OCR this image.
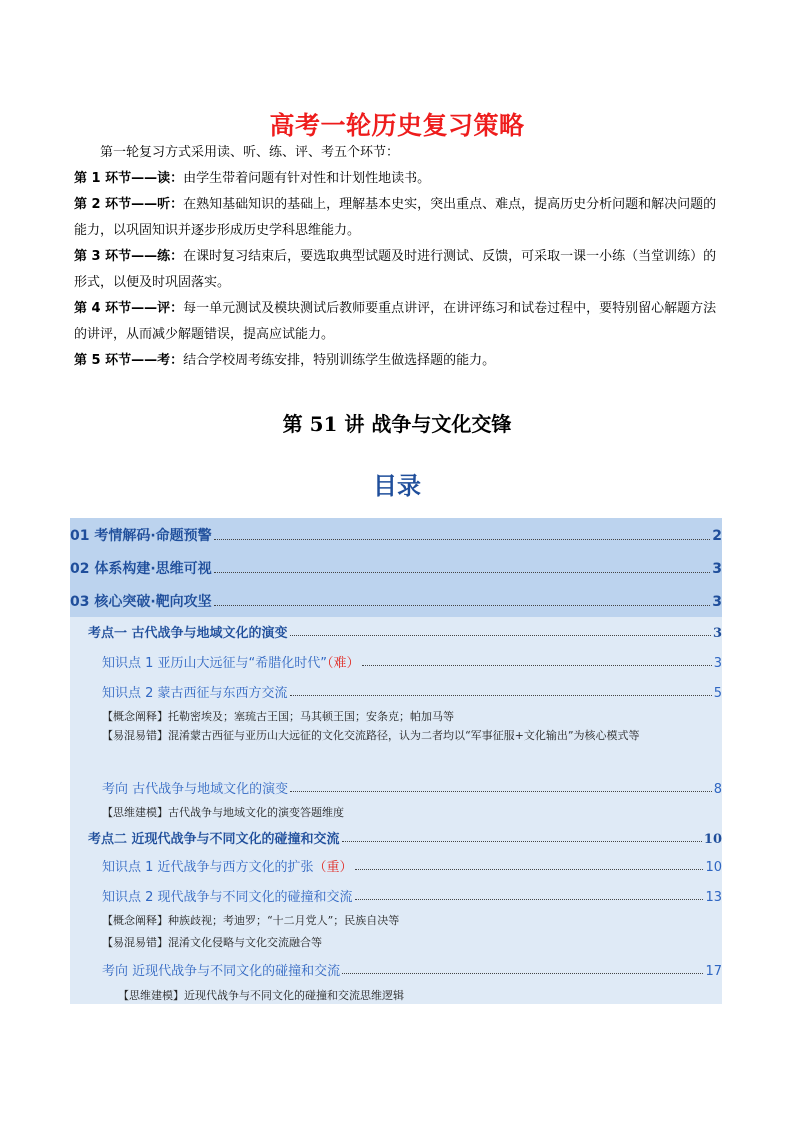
高考一轮历史复习策略

第一轮复习方式采用读、听、练、评、考五个环节：

第 1 环节——读：由学生带着问题有针对性和计划性地读书。

第 2 环节——听：在熟知基础知识的基础上，理解基本史实，突出重点、难点，提高历史分析问题和解决问题的能力，以巩固知识并逐步形成历史学科思维能力。

第 3 环节——练：在课时复习结束后，要选取典型试题及时进行测试、反馈，可采取一课一小练（当堂训练）的形式，以便及时巩固落实。

第 4 环节——评：每一单元测试及模块测试后教师要重点讲评，在讲评练习和试卷过程中，要特别留心解题方法的讲评，从而减少解题错误，提高应试能力。

第 5 环节——考：结合学校周考练安排，特别训练学生做选择题的能力。

第 51 讲 战争与文化交锋
目录
01 考情解码·命题预警	2
02 体系构建·思维可视	3
03 核心突破·靶向攻坚	3
考点一 古代战争与地域文化的演变	3
知识点 1 亚历山大远征与“希腊化时代”（难）	3
知识点 2 蒙古西征与东西方交流	5
【概念阐释】托勒密埃及；塞琉古王国；马其顿王国；安条克；帕加马等
【易混易错】混淆蒙古西征与亚历山大远征的文化交流路径，认为二者均以“军事征服+文化输出”为核心模式等
考向 古代战争与地域文化的演变	8
【思维建模】古代战争与地域文化的演变答题维度
考点二 近现代战争与不同文化的碰撞和交流	10
知识点 1 近代战争与西方文化的扩张（重）	10
知识点 2 现代战争与不同文化的碰撞和交流	13
【概念阐释】种族歧视；考迪罗；“十二月党人”；民族自决等
【易混易错】混淆文化侵略与文化交流融合等
考向 近现代战争与不同文化的碰撞和交流	17
【思维建模】近现代战争与不同文化的碰撞和交流思维逻辑
